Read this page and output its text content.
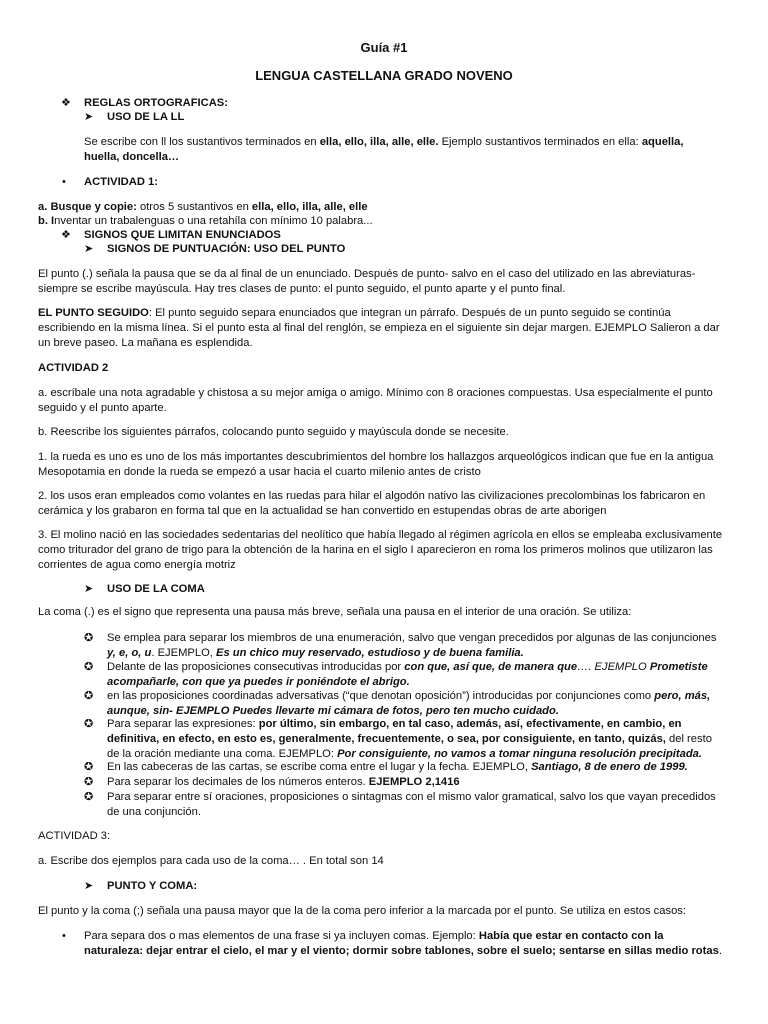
Guía #1
LENGUA CASTELLANA GRADO NOVENO
❖ REGLAS ORTOGRAFICAS:
➤ USO DE LA LL
Se escribe con ll los sustantivos terminados en ella, ello, illa, alle, elle. Ejemplo sustantivos terminados en ella: aquella,
huella, doncella…
• ACTIVIDAD 1:
a. Busque y copie: otros 5 sustantivos en ella, ello, illa, alle, elle
b. Inventar un trabalenguas o una retahíla con mínimo 10 palabra...
❖ SIGNOS QUE LIMITAN ENUNCIADOS
➤ SIGNOS DE PUNTUACIÓN: USO DEL PUNTO
El punto (.) señala la pausa que se da al final de un enunciado. Después de punto- salvo en el caso del utilizado en las abreviaturas- siempre se escribe mayúscula. Hay tres clases de punto: el punto seguido, el punto aparte y el punto final.
EL PUNTO SEGUIDO: El punto seguido separa enunciados que integran un párrafo. Después de un punto seguido se continúa escribiendo en la misma línea. Si el punto esta al final del renglón, se empieza en el siguiente sin dejar margen. EJEMPLO Salieron a dar un breve paseo. La mañana es esplendida.
ACTIVIDAD 2
a. escríbale una nota agradable y chistosa a su mejor amiga o amigo. Mínimo con 8 oraciones compuestas. Usa especialmente el punto seguido y el punto aparte.
b. Reescribe los siguientes párrafos, colocando punto seguido y mayúscula donde se necesite.
1. la rueda es uno es uno de los más importantes descubrimientos del hombre los hallazgos arqueológicos indican que fue en la antigua Mesopotamia en donde la rueda se empezó a usar hacia el cuarto milenio antes de cristo
2. los usos eran empleados como volantes en las ruedas para hilar el algodón nativo las civilizaciones precolombinas los fabricaron en cerámica y los grabaron en forma tal que en la actualidad se han convertido en estupendas obras de arte aborigen
3. El molino nació en las sociedades sedentarias del neolítico que había llegado al régimen agrícola en ellos se empleaba exclusivamente como triturador del grano de trigo para la obtención de la harina en el siglo I aparecieron en roma los primeros molinos que utilizaron las corrientes de agua como energía motriz
➤ USO DE LA COMA
La coma (.) es el signo que representa una pausa más breve, señala una pausa en el interior de una oración. Se utiliza:
✪ Se emplea para separar los miembros de una enumeración, salvo que vengan precedidos por algunas de las conjunciones y, e, o, u. EJEMPLO, Es un chico muy reservado, estudioso y de buena familia.
✪ Delante de las proposiciones consecutivas introducidas por con que, así que, de manera que…. EJEMPLO Prometiste acompañarle, con que ya puedes ir poniéndote el abrigo.
✪ en las proposiciones coordinadas adversativas (“que denotan oposición”) introducidas por conjunciones como pero, más, aunque, sin- EJEMPLO Puedes llevarte mi cámara de fotos, pero ten mucho cuidado.
✪ Para separar las expresiones: por último, sin embargo, en tal caso, además, así, efectivamente, en cambio, en definitiva, en efecto, en esto es, generalmente, frecuentemente, o sea, por consiguiente, en tanto, quizás, del resto de la oración mediante una coma. EJEMPLO: Por consiguiente, no vamos a tomar ninguna resolución precipitada.
✪ En las cabeceras de las cartas, se escribe coma entre el lugar y la fecha. EJEMPLO, Santiago, 8 de enero de 1999.
✪ Para separar los decimales de los números enteros. EJEMPLO 2,1416
✪ Para separar entre sí oraciones, proposiciones o sintagmas con el mismo valor gramatical, salvo los que vayan precedidos de una conjunción.
ACTIVIDAD 3:
a. Escribe dos ejemplos para cada uso de la coma… . En total son 14
➤ PUNTO Y COMA:
El punto y la coma (;) señala una pausa mayor que la de la coma pero inferior a la marcada por el punto. Se utiliza en estos casos:
• Para separa dos o mas elementos de una frase si ya incluyen comas. Ejemplo: Había que estar en contacto con la naturaleza: dejar entrar el cielo, el mar y el viento; dormir sobre tablones, sobre el suelo; sentarse en sillas medio rotas.
